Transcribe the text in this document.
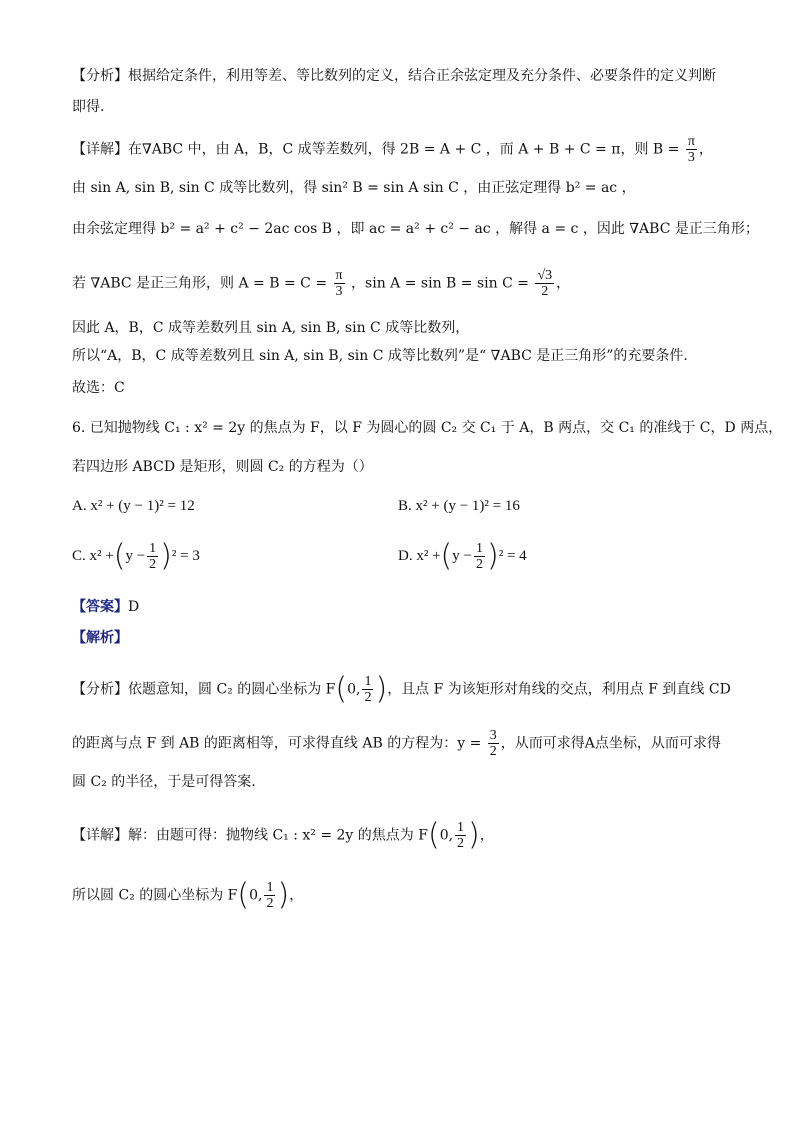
【分析】根据给定条件，利用等差、等比数列的定义，结合正余弦定理及充分条件、必要条件的定义判断
即得.
【详解】在∇ABC 中，由 A，B，C 成等差数列，得 2B = A + C ，而 A + B + C = π，则 $B = \frac{\pi}{3}$ ，
由 sin A, sin B, sin C 成等比数列，得 sin² B = sin A sin C ，由正弦定理得 b² = ac ，
由余弦定理得 b² = a² + c² − 2ac cos B ，即 ac = a² + c² − ac ，解得 a = c ，因此 ∇ABC 是正三角形；
若 ∇ABC 是正三角形，则 $A = B = C = \frac{\pi}{3}$ ，$\sin A = \sin B = \sin C = \frac{√3}{2}$ ，
因此 A，B，C 成等差数列且 sin A, sin B, sin C 成等比数列，
所以“A，B，C 成等差数列且 sin A, sin B, sin C 成等比数列”是“ ∇ABC 是正三角形”的充要条件.
故选：C
6. 已知抛物线 C₁ : x² = 2y 的焦点为 F，以 F 为圆心的圆 C₂ 交 C₁ 于 A，B 两点，交 C₁ 的准线于 C，D 两点，
若四边形 ABCD 是矩形，则圆 C₂ 的方程为（）
A. x² + (y − 1)² = 12	B. x² + (y − 1)² = 16
C. $x^2 +(y - \frac{1}{2} )^2 = 3$	D. $x^2 +(y - \frac{1}{2} )^2 = 4$
【答案】D
【解析】
【分析】依题意知，圆 C₂ 的圆心坐标为 F(0, $\frac{1}{2}$ )，且点 F 为该矩形对角线的交点，利用点 F 到直线 CD
的距离与点 F 到 AB 的距离相等，可求得直线 AB 的方程为：$y = \frac{3}{2}$ ，从而可求得A点坐标，从而可求得
圆 C₂ 的半径，于是可得答案.
【详解】解：由题可得：抛物线 C₁ : x² = 2y 的焦点为 F(0, $\frac{1}{2}$ )，
所以圆 C₂ 的圆心坐标为 F(0, $\frac{1}{2}$ )，
